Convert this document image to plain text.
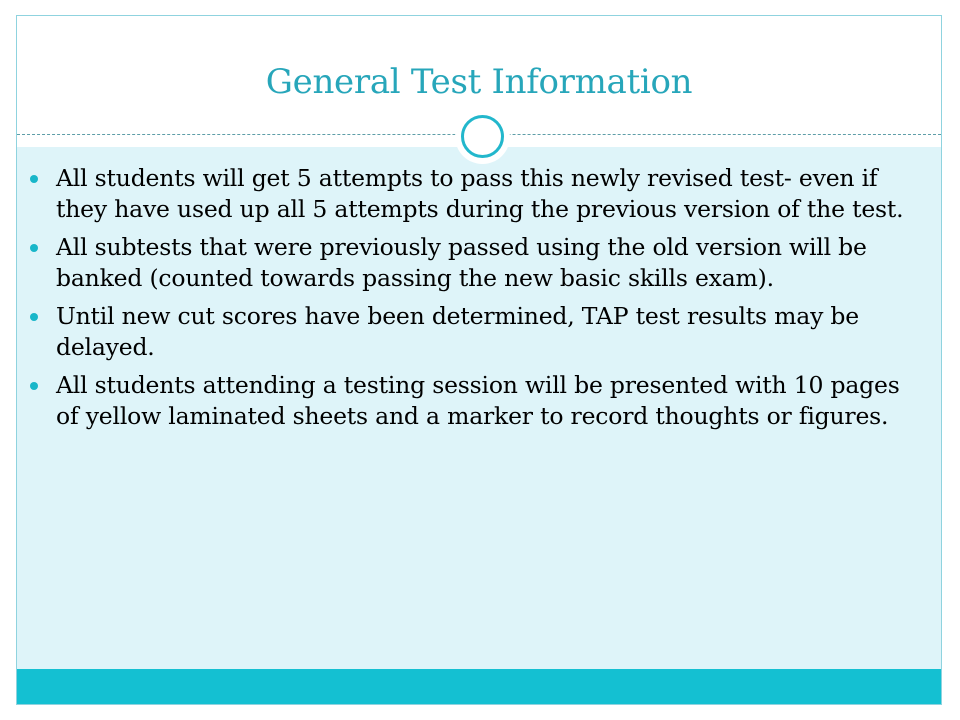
General Test Information
All students will get 5 attempts to pass this newly revised test- even if they have used up all 5 attempts during the previous version of the test.
All subtests that were previously passed using the old version will be banked (counted towards passing the new basic skills exam).
Until new cut scores have been determined, TAP test results may be delayed.
All students attending a testing session will be presented with 10 pages of yellow laminated sheets and a marker to record thoughts or figures.
